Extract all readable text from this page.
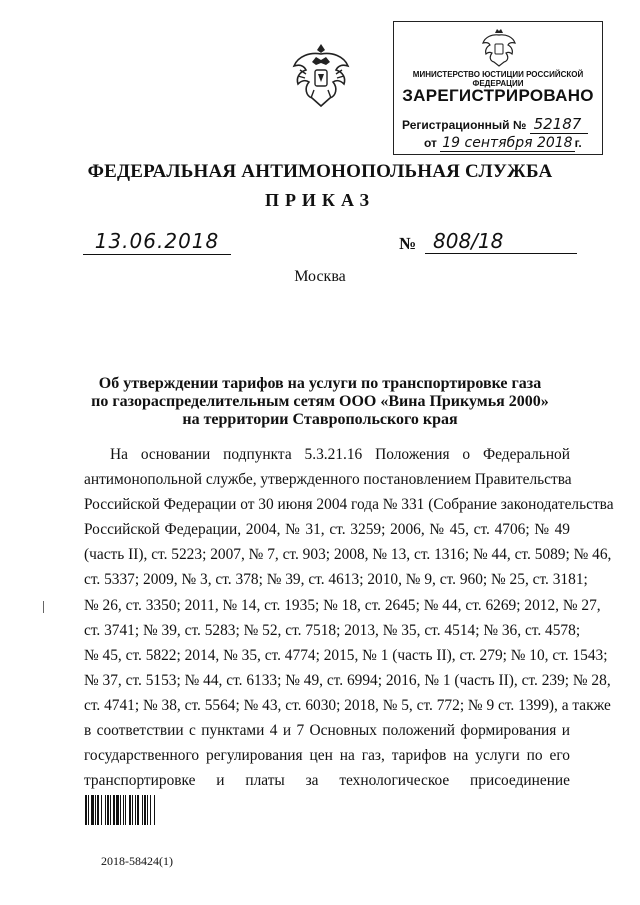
МИНИСТЕРСТВО ЮСТИЦИИ РОССИЙСКОЙ ФЕДЕРАЦИИ
ЗАРЕГИСТРИРОВАНО
Регистрационный № 52187
от 19 сентября 2018 г.
ФЕДЕРАЛЬНАЯ АНТИМОНОПОЛЬНАЯ СЛУЖБА
ПРИКАЗ
13.06.2018	№ 808/18
Москва
Об утверждении тарифов на услуги по транспортировке газа
по газораспределительным сетям ООО «Вина Прикумья 2000»
на территории Ставропольского края
На основании подпункта 5.3.21.16 Положения о Федеральной
антимонопольной службе, утвержденного постановлением Правительства
Российской Федерации от 30 июня 2004 года № 331 (Собрание законодательства
Российской Федерации, 2004, № 31, ст. 3259; 2006, № 45, ст. 4706; № 49
(часть II), ст. 5223; 2007, № 7, ст. 903; 2008, № 13, ст. 1316; № 44, ст. 5089; № 46,
ст. 5337; 2009, № 3, ст. 378; № 39, ст. 4613; 2010, № 9, ст. 960; № 25, ст. 3181;
№ 26, ст. 3350; 2011, № 14, ст. 1935; № 18, ст. 2645; № 44, ст. 6269; 2012, № 27,
ст. 3741; № 39, ст. 5283; № 52, ст. 7518; 2013, № 35, ст. 4514; № 36, ст. 4578;
№ 45, ст. 5822; 2014, № 35, ст. 4774; 2015, № 1 (часть II), ст. 279; № 10, ст. 1543;
№ 37, ст. 5153; № 44, ст. 6133; № 49, ст. 6994; 2016, № 1 (часть II), ст. 239; № 28,
ст. 4741; № 38, ст. 5564; № 43, ст. 6030; 2018, № 5, ст. 772; № 9 ст. 1399), а также
в соответствии с пунктами 4 и 7 Основных положений формирования и
государственного регулирования цен на газ, тарифов на услуги по его
транспортировке и платы за технологическое присоединение
2018-58424(1)
